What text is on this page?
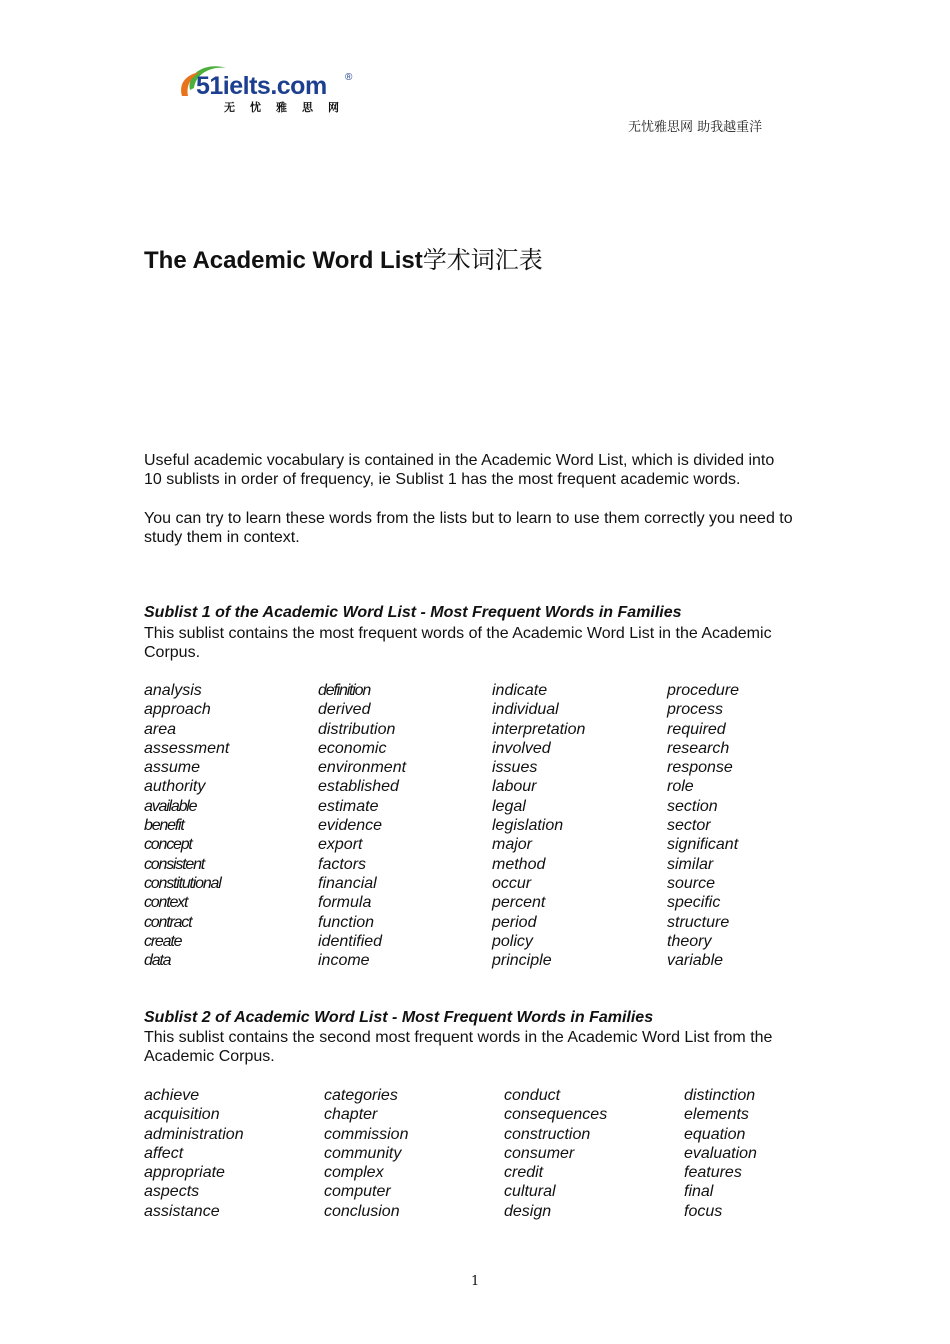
51ielts.com ®
无忧雅思网
无忧雅思网 助我越重洋
The Academic Word List学术词汇表

Useful academic vocabulary is contained in the Academic Word List, which is divided into
10 sublists in order of frequency, ie Sublist 1 has the most frequent academic words.

You can try to learn these words from the lists but to learn to use them correctly you need to
study them in context.

Sublist 1 of the Academic Word List - Most Frequent Words in Families

This sublist contains the most frequent words of the Academic Word List in the Academic
Corpus.

analysis
approach
area
assessment
assume
authority
available
benefit
concept
consistent
constitutional
context
contract
create
data
definition
derived
distribution
economic
environment
established
estimate
evidence
export
factors
financial
formula
function
identified
income
indicate
individual
interpretation
involved
issues
labour
legal
legislation
major
method
occur
percent
period
policy
principle
procedure
process
required
research
response
role
section
sector
significant
similar
source
specific
structure
theory
variable
Sublist 2 of Academic Word List - Most Frequent Words in Families

This sublist contains the second most frequent words in the Academic Word List from the
Academic Corpus.

achieve
acquisition
administration
affect
appropriate
aspects
assistance
categories
chapter
commission
community
complex
computer
conclusion
conduct
consequences
construction
consumer
credit
cultural
design
distinction
elements
equation
evaluation
features
final
focus
1
